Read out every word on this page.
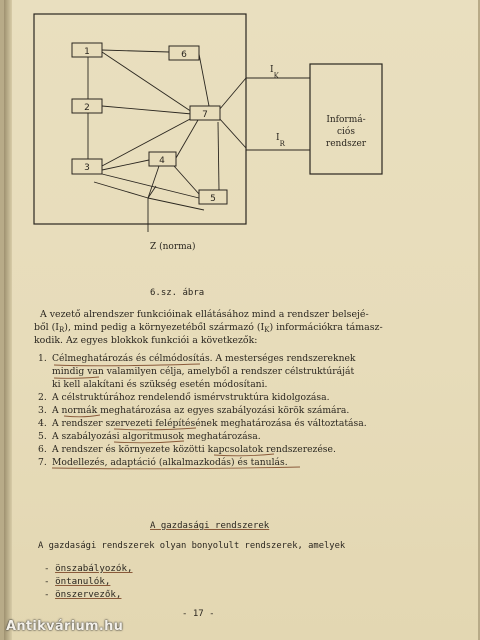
1	6
2
7
4
3
5
$I_K$
$I_R$
Informá-
ciós
rendszer
Z (norma)
6.sz. ábra
A vezető alrendszer funkcióinak ellátásához mind a rendszer belsejé-
ből $(I_R)$, mind pedig a környezetéből származó $(I_K)$ információkra támasz-
kodik. Az egyes blokkok funkciói a következők:
1. Célmeghatározás és célmódosítás. A mesterséges rendszereknek
mindig van valamilyen célja, amelyből a rendszer célstruktúráját
ki kell alakítani és szükség esetén módosítani.
2. A célstruktúrához rendelendő ismérvstruktúra kidolgozása.
3. A normák meghatározása az egyes szabályozási körök számára.
4. A rendszer szervezeti felépítésének meghatározása és változtatása.
5. A szabályozási algoritmusok meghatározása.
6. A rendszer és környezete közötti kapcsolatok rendszerezése.
7. Modellezés, adaptáció (alkalmazkodás) és tanulás.
A gazdasági rendszerek
A gazdasági rendszerek olyan bonyolult rendszerek, amelyek
- önszabályozók,
- öntanulók,
- önszervezők,
- 17 -
Antikvárium.hu
